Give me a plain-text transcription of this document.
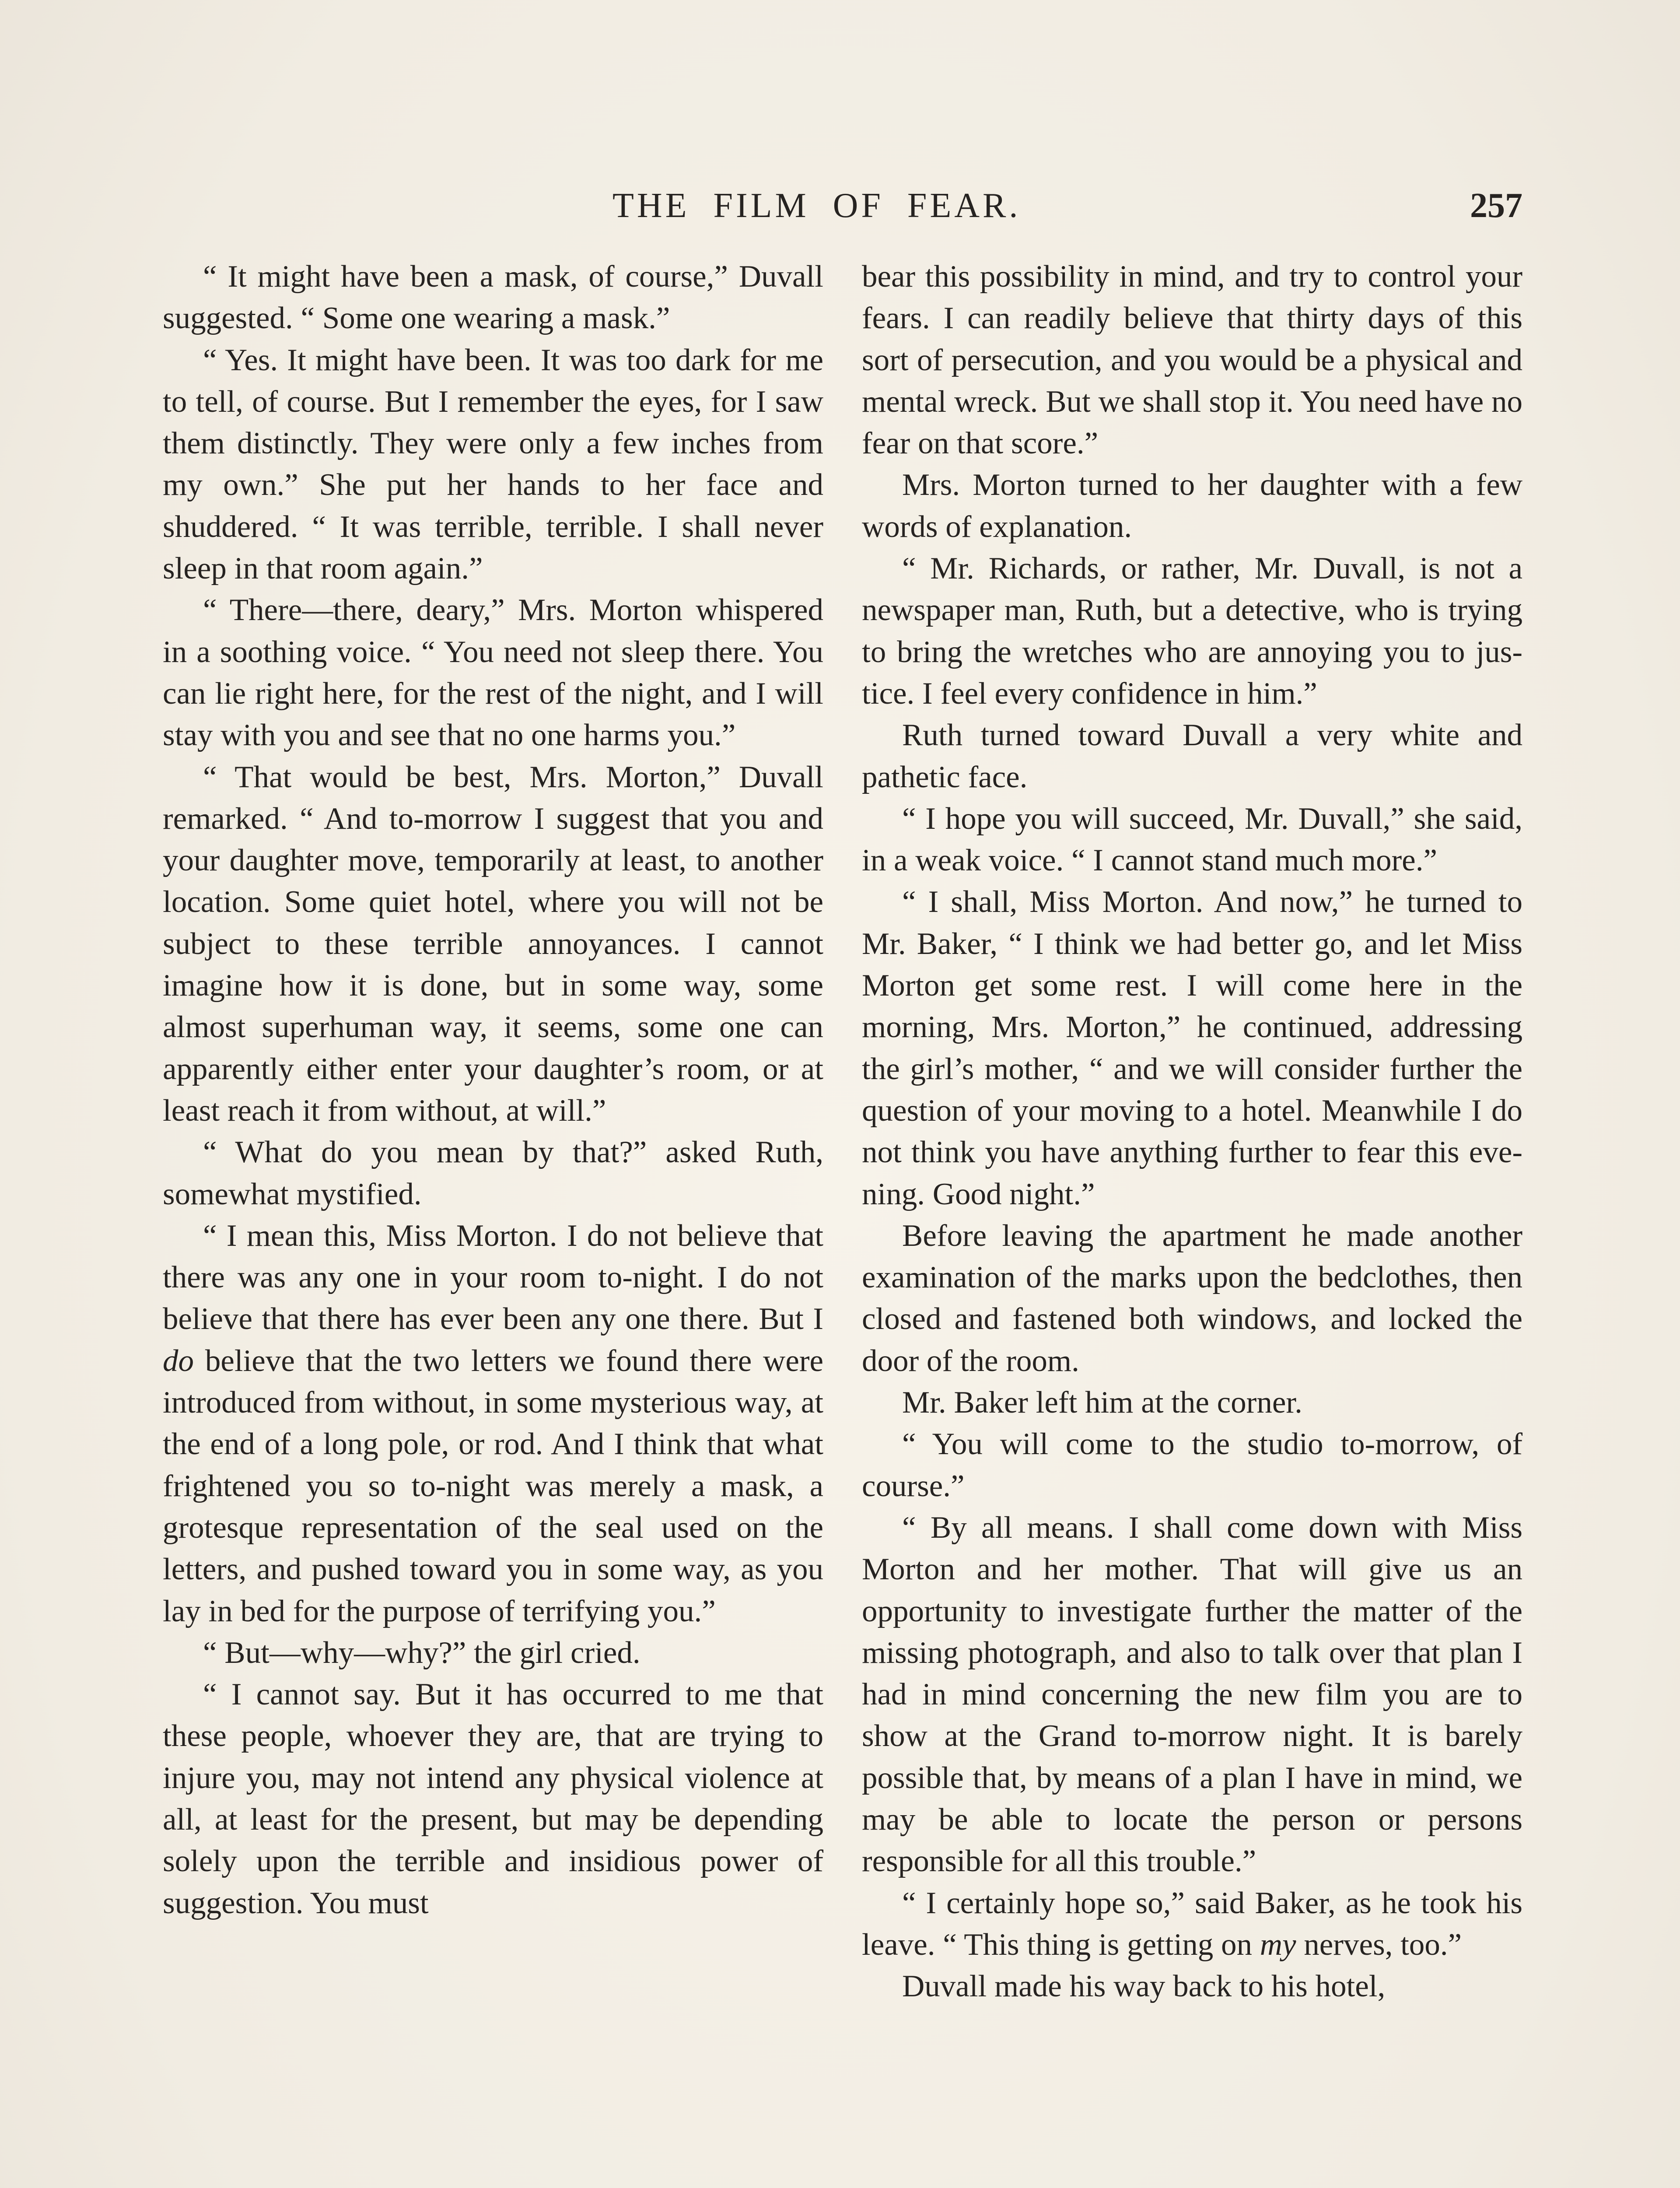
THE  FILM  OF  FEAR.	257

“ It might have been a mask, of course,” Duvall suggested. “ Some one wearing a mask.”

“ Yes. It might have been. It was too dark for me to tell, of course. But I remember the eyes, for I saw them distinctly. They were only a few inches from my own.” She put her hands to her face and shuddered. “ It was terrible, terrible. I shall never sleep in that room again.”

“ There—there, deary,” Mrs. Morton whispered in a soothing voice. “ You need not sleep there. You can lie right here, for the rest of the night, and I will stay with you and see that no one harms you.”

“ That would be best, Mrs. Morton,” Duvall remarked. “ And to-morrow I suggest that you and your daughter move, temporarily at least, to another location. Some quiet hotel, where you will not be subject to these terrible annoyances. I cannot imagine how it is done, but in some way, some almost superhuman way, it seems, some one can apparently either enter your daughter’s room, or at least reach it from without, at will.”

“ What do you mean by that?” asked Ruth, somewhat mystified.

“ I mean this, Miss Morton. I do not believe that there was any one in your room to-night. I do not believe that there has ever been any one there. But I do believe that the two letters we found there were introduced from without, in some mysterious way, at the end of a long pole, or rod. And I think that what frightened you so to-night was merely a mask, a grotesque representation of the seal used on the letters, and pushed toward you in some way, as you lay in bed for the purpose of terrifying you.”

“ But—why—why?” the girl cried.

“ I cannot say. But it has occurred to me that these people, whoever they are, that are trying to injure you, may not intend any physical violence at all, at least for the present, but may be depending solely upon the terrible and insidious power of suggestion. You must

bear this possibility in mind, and try to control your fears. I can readily believe that thirty days of this sort of persecution, and you would be a physical and mental wreck. But we shall stop it. You need have no fear on that score.”

Mrs. Morton turned to her daughter with a few words of explanation.

“ Mr. Richards, or rather, Mr. Duvall, is not a newspaper man, Ruth, but a detective, who is trying to bring the wretches who are annoying you to justice. I feel every confidence in him.”

Ruth turned toward Duvall a very white and pathetic face.

“ I hope you will succeed, Mr. Duvall,” she said, in a weak voice. “ I cannot stand much more.”

“ I shall, Miss Morton. And now,” he turned to Mr. Baker, “ I think we had better go, and let Miss Morton get some rest. I will come here in the morning, Mrs. Morton,” he continued, addressing the girl’s mother, “ and we will consider further the question of your moving to a hotel. Meanwhile I do not think you have anything further to fear this evening. Good night.”

Before leaving the apartment he made another examination of the marks upon the bedclothes, then closed and fastened both windows, and locked the door of the room.

Mr. Baker left him at the corner.

“ You will come to the studio to-morrow, of course.”

“ By all means. I shall come down with Miss Morton and her mother. That will give us an opportunity to investigate further the matter of the missing photograph, and also to talk over that plan I had in mind concerning the new film you are to show at the Grand to-morrow night. It is barely possible that, by means of a plan I have in mind, we may be able to locate the person or persons responsible for all this trouble.”

“ I certainly hope so,” said Baker, as he took his leave. “ This thing is getting on my nerves, too.”

Duvall made his way back to his hotel,
